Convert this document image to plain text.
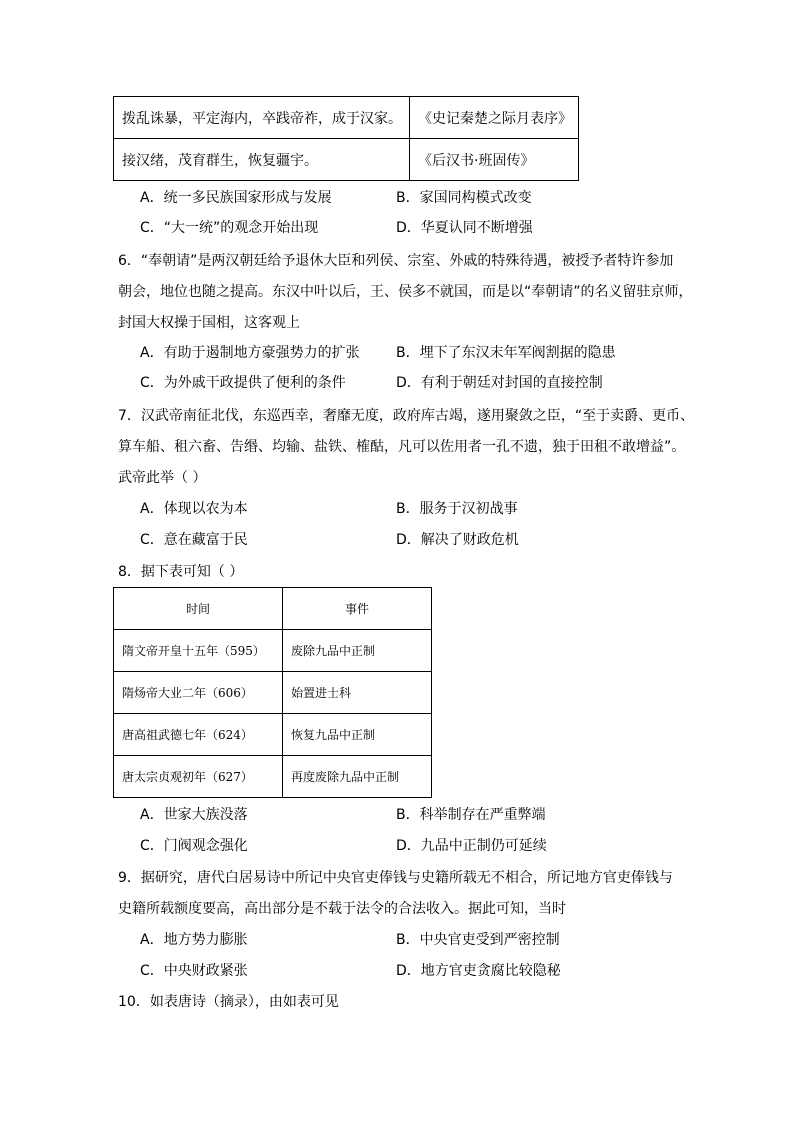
拨乱诛暴，平定海内，卒践帝祚，成于汉家。	《史记秦楚之际月表序》
接汉绪，茂育群生，恢复疆宇。	《后汉书·班固传》
A．统一多民族国家形成与发展	B．家国同构模式改变
C．“大一统”的观念开始出现	D．华夏认同不断增强
6．“奉朝请”是两汉朝廷给予退休大臣和列侯、宗室、外戚的特殊待遇，被授予者特许参加
朝会，地位也随之提高。东汉中叶以后，王、侯多不就国，而是以“奉朝请”的名义留驻京师，
封国大权操于国相，这客观上
A．有助于遏制地方豪强势力的扩张	B．埋下了东汉末年军阀割据的隐患
C．为外戚干政提供了便利的条件	D．有利于朝廷对封国的直接控制
7．汉武帝南征北伐，东巡西幸，奢靡无度，政府库古竭，遂用聚敛之臣，“至于卖爵、更币、
算车船、租六畜、告缗、均输、盐铁、榷酤，凡可以佐用者一孔不遗，独于田租不敢增益”。
武帝此举（ ）
A．体现以农为本	B．服务于汉初战事
C．意在藏富于民	D．解决了财政危机
8．据下表可知（ ）
时间	事件
隋文帝开皇十五年（595）	废除九品中正制
隋炀帝大业二年（606）	始置进士科
唐高祖武德七年（624）	恢复九品中正制
唐太宗贞观初年（627）	再度废除九品中正制
A．世家大族没落	B．科举制存在严重弊端
C．门阀观念强化	D．九品中正制仍可延续
9．据研究，唐代白居易诗中所记中央官吏俸钱与史籍所载无不相合，所记地方官吏俸钱与
史籍所载额度要高，高出部分是不载于法令的合法收入。据此可知，当时
A．地方势力膨胀	B．中央官吏受到严密控制
C．中央财政紧张	D．地方官吏贪腐比较隐秘
10．如表唐诗（摘录），由如表可见
